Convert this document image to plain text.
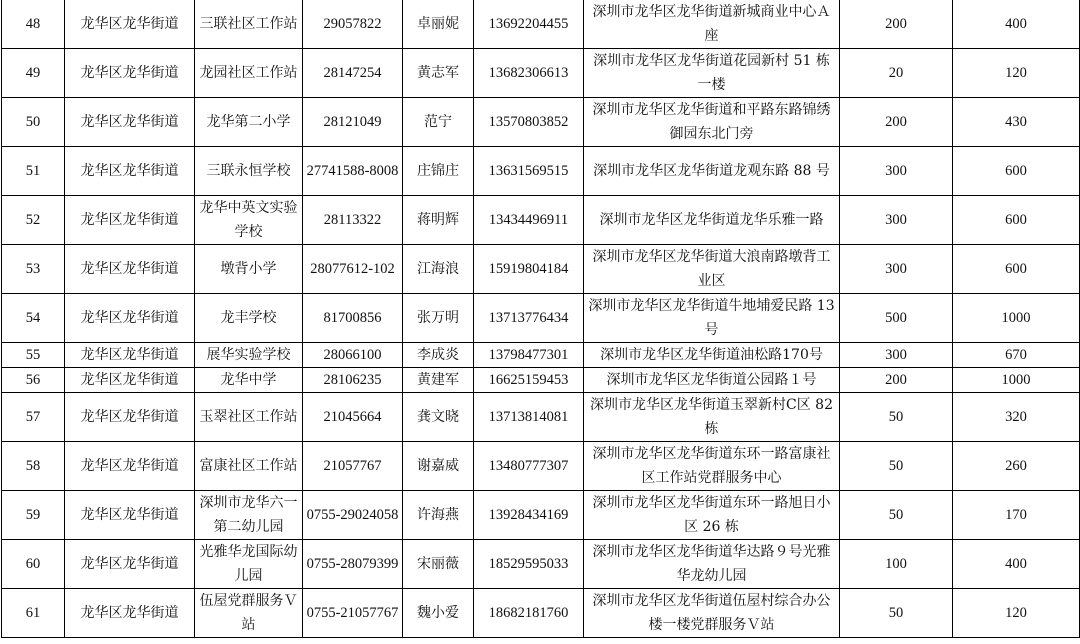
48	龙华区龙华街道	三联社区工作站	29057822	卓丽妮	13692204455	深圳市龙华区龙华街道新城商业中心Ａ座	200	400
49	龙华区龙华街道	龙园社区工作站	28147254	黄志军	13682306613	深圳市龙华区龙华街道花园新村 51 栋一楼	20	120
50	龙华区龙华街道	龙华第二小学	28121049	范宁	13570803852	深圳市龙华区龙华街道和平路东路锦绣御园东北门旁	200	430
51	龙华区龙华街道	三联永恒学校	27741588-8008	庄锦庄	13631569515	深圳市龙华区龙华街道龙观东路 88 号	300	600
52	龙华区龙华街道	龙华中英文实验学校	28113322	蒋明辉	13434496911	深圳市龙华区龙华街道龙华乐雅一路	300	600
53	龙华区龙华街道	墩背小学	28077612-102	江海浪	15919804184	深圳市龙华区龙华街道大浪南路墩背工业区	300	600
54	龙华区龙华街道	龙丰学校	81700856	张万明	13713776434	深圳市龙华区龙华街道牛地埔爱民路 13 号	500	1000
55	龙华区龙华街道	展华实验学校	28066100	李成炎	13798477301	深圳市龙华区龙华街道油松路170号	300	670
56	龙华区龙华街道	龙华中学	28106235	黄建军	16625159453	深圳市龙华区龙华街道公园路１号	200	1000
57	龙华区龙华街道	玉翠社区工作站	21045664	龚文晓	13713814081	深圳市龙华区龙华街道玉翠新村C区 82 栋	50	320
58	龙华区龙华街道	富康社区工作站	21057767	谢嘉威	13480777307	深圳市龙华区龙华街道东环一路富康社区工作站党群服务中心	50	260
59	龙华区龙华街道	深圳市龙华六一第二幼儿园	0755-29024058	许海燕	13928434169	深圳市龙华区龙华街道东环一路旭日小区 26 栋	50	170
60	龙华区龙华街道	光雅华龙国际幼儿园	0755-28079399	宋丽薇	18529595033	深圳市龙华区龙华街道华达路９号光雅华龙幼儿园	100	400
61	龙华区龙华街道	伍屋党群服务Ｖ站	0755-21057767	魏小爱	18682181760	深圳市龙华区龙华街道伍屋村综合办公楼一楼党群服务Ｖ站	50	120
